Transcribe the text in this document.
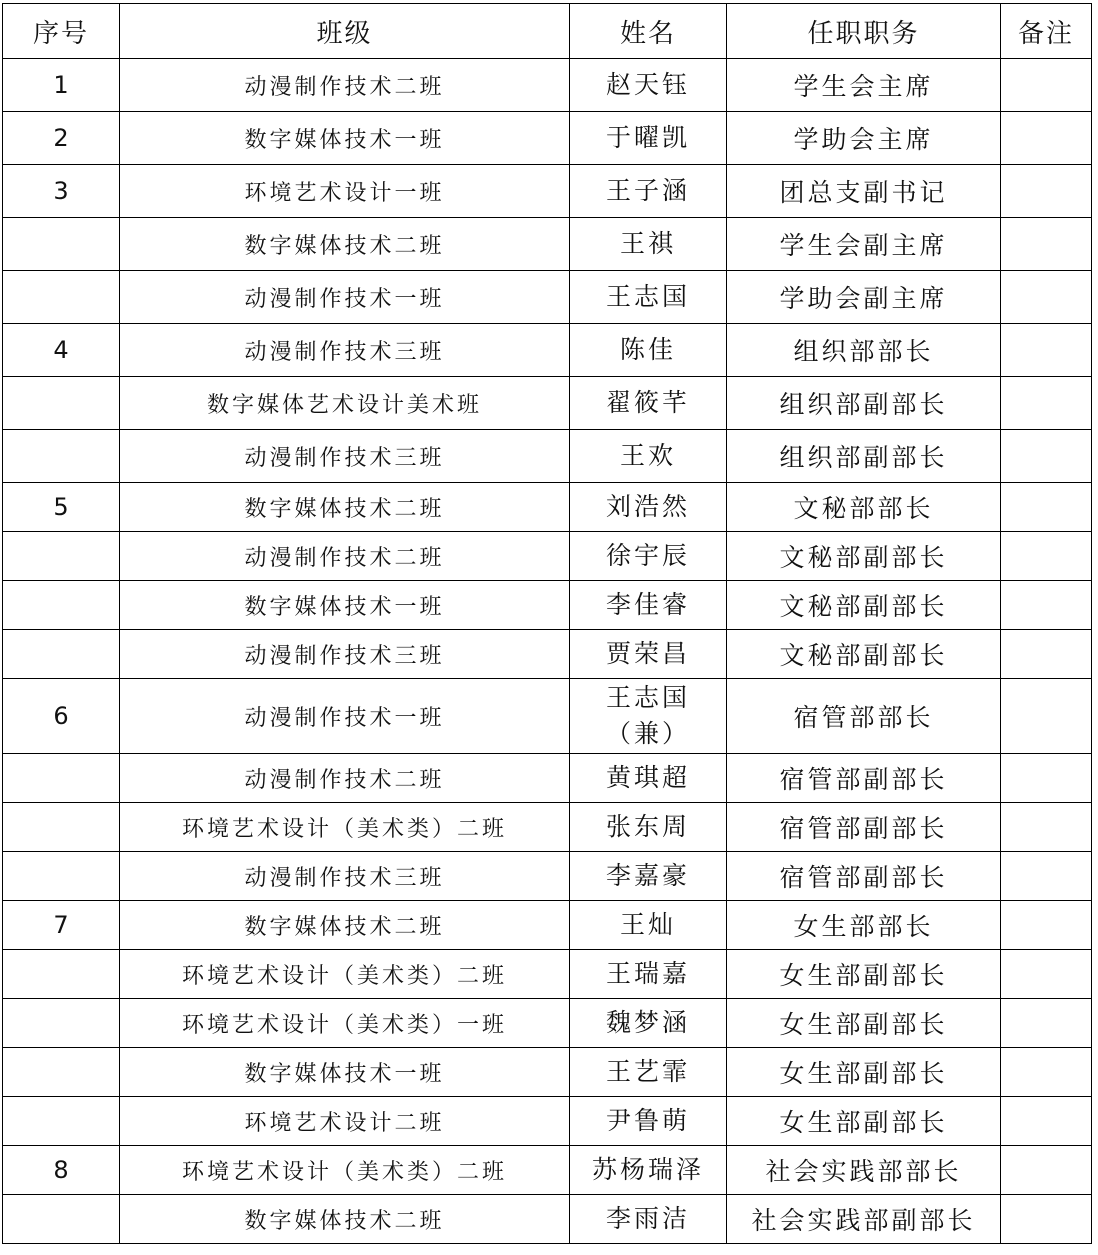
序号	班级	姓名	任职职务	备注
1	动漫制作技术二班	赵天钰	学生会主席	
2	数字媒体技术一班	于曜凯	学助会主席	
3	环境艺术设计一班	王子涵	团总支副书记	
	数字媒体技术二班	王祺	学生会副主席	
	动漫制作技术一班	王志国	学助会副主席	
4	动漫制作技术三班	陈佳	组织部部长	
	数字媒体艺术设计美术班	翟筱芊	组织部副部长	
	动漫制作技术三班	王欢	组织部副部长	
5	数字媒体技术二班	刘浩然	文秘部部长	
	动漫制作技术二班	徐宇辰	文秘部副部长	
	数字媒体技术一班	李佳睿	文秘部副部长	
	动漫制作技术三班	贾荣昌	文秘部副部长	
6	动漫制作技术一班	王志国（兼）	宿管部部长	
	动漫制作技术二班	黄琪超	宿管部副部长	
	环境艺术设计（美术类）二班	张东周	宿管部副部长	
	动漫制作技术三班	李嘉豪	宿管部副部长	
7	数字媒体技术二班	王灿	女生部部长	
	环境艺术设计（美术类）二班	王瑞嘉	女生部副部长	
	环境艺术设计（美术类）一班	魏梦涵	女生部副部长	
	数字媒体技术一班	王艺霏	女生部副部长	
	环境艺术设计二班	尹鲁萌	女生部副部长	
8	环境艺术设计（美术类）二班	苏杨瑞泽	社会实践部部长	
	数字媒体技术二班	李雨洁	社会实践部副部长	
